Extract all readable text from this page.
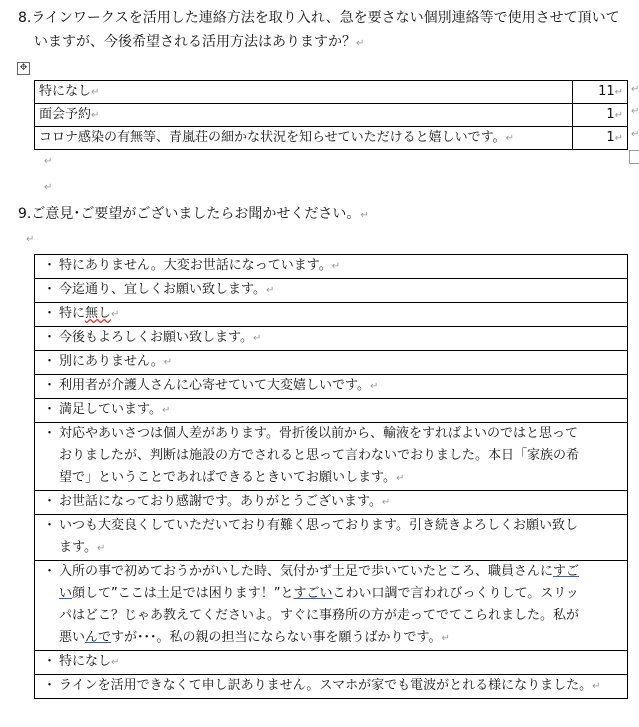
8.ラインワークスを活用した連絡方法を取り入れ、急を要さない個別連絡等で使用させて頂いて
いますが、今後希望される活用方法はありますか？↵
✥
特になし↵	11↵
面会予約↵	1↵
コロナ感染の有無等、青嵐荘の細かな状況を知らせていただけると嬉しいです。↵	1↵
↵
↵
↵
↵
↵
9.ご意見･ご要望がございましたらお聞かせください。↵
↵
・ 特にありません。大変お世話になっています。↵
・ 今迄通り、宜しくお願い致します。↵
・ 特に無し↵
・ 今後もよろしくお願い致します。↵
・ 別にありません。↵
・ 利用者が介護人さんに心寄せていて大変嬉しいです。↵
・ 満足しています。↵

・ 対応やあいさつは個人差があります。骨折後以前から、輸液をすればよいのではと思って
おりましたが、判断は施設の方でされると思って言わないでおりました。本日「家族の希
望で」ということであればできるときいてお願いします。↵

・ お世話になっており感謝です。ありがとうございます。↵

・ いつも大変良くしていただいており有難く思っております。引き続きよろしくお願い致し
ます。↵

・ 入所の事で初めておうかがいした時、気付かず土足で歩いていたところ、職員さんにすご
い顔して”ここは土足では困ります！”とすごいこわい口調で言われびっくりして。スリッ
パはどこ？じゃあ教えてくださいよ。すぐに事務所の方が走ってでてこられました。私が
悪いんですが･･･。私の親の担当にならない事を願うばかりです。↵

・ 特になし↵
・ ラインを活用できなくて申し訳ありません。スマホが家でも電波がとれる様になりました。↵
